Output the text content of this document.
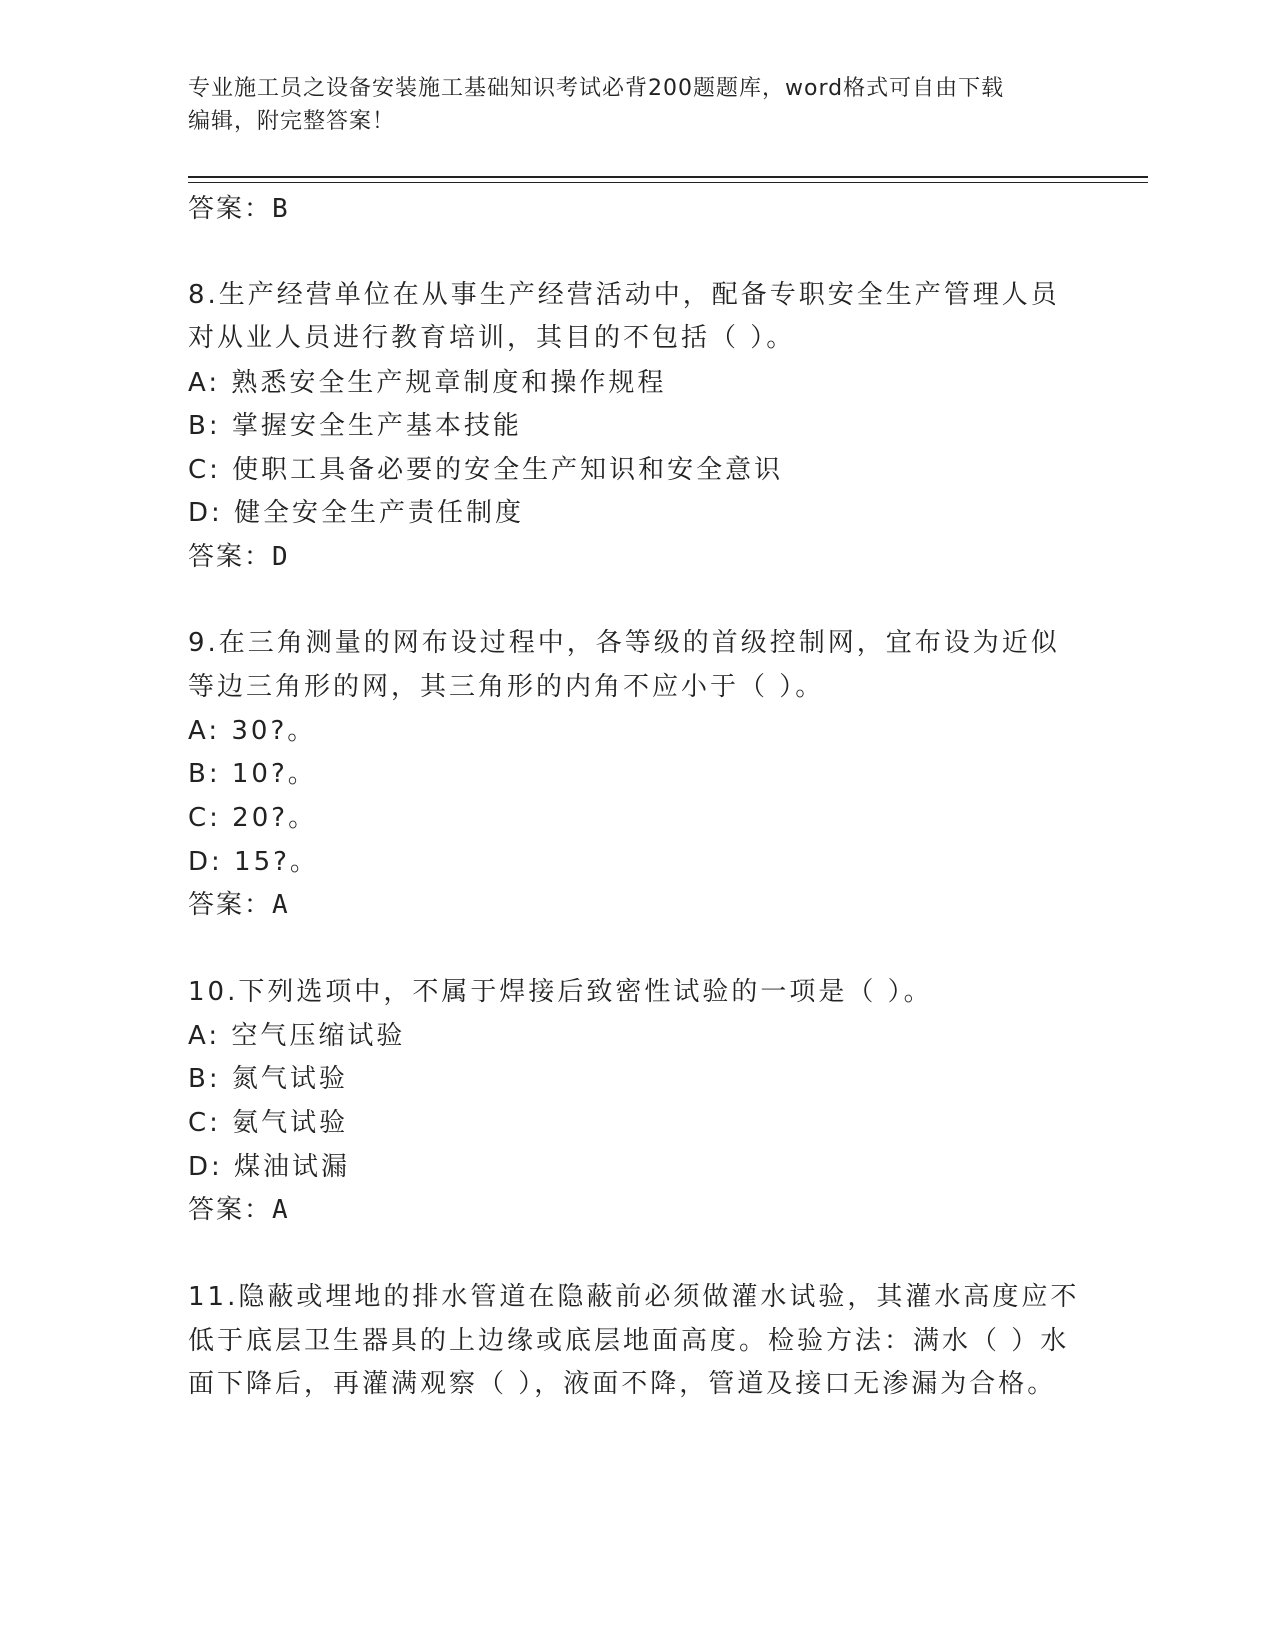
专业施工员之设备安装施工基础知识考试必背200题题库，word格式可自由下载
编辑，附完整答案！
答案：B
8.生产经营单位在从事生产经营活动中，配备专职安全生产管理人员
对从业人员进行教育培训，其目的不包括（ ）。
A: 熟悉安全生产规章制度和操作规程
B: 掌握安全生产基本技能
C: 使职工具备必要的安全生产知识和安全意识
D: 健全安全生产责任制度
答案：D
9.在三角测量的网布设过程中，各等级的首级控制网，宜布设为近似
等边三角形的网，其三角形的内角不应小于（ ）。
A: 30?。
B: 10?。
C: 20?。
D: 15?。
答案：A
10.下列选项中，不属于焊接后致密性试验的一项是（ ）。
A: 空气压缩试验
B: 氮气试验
C: 氨气试验
D: 煤油试漏
答案：A
11.隐蔽或埋地的排水管道在隐蔽前必须做灌水试验，其灌水高度应不
低于底层卫生器具的上边缘或底层地面高度。检验方法：满水（ ）水
面下降后，再灌满观察（ ），液面不降，管道及接口无渗漏为合格。
